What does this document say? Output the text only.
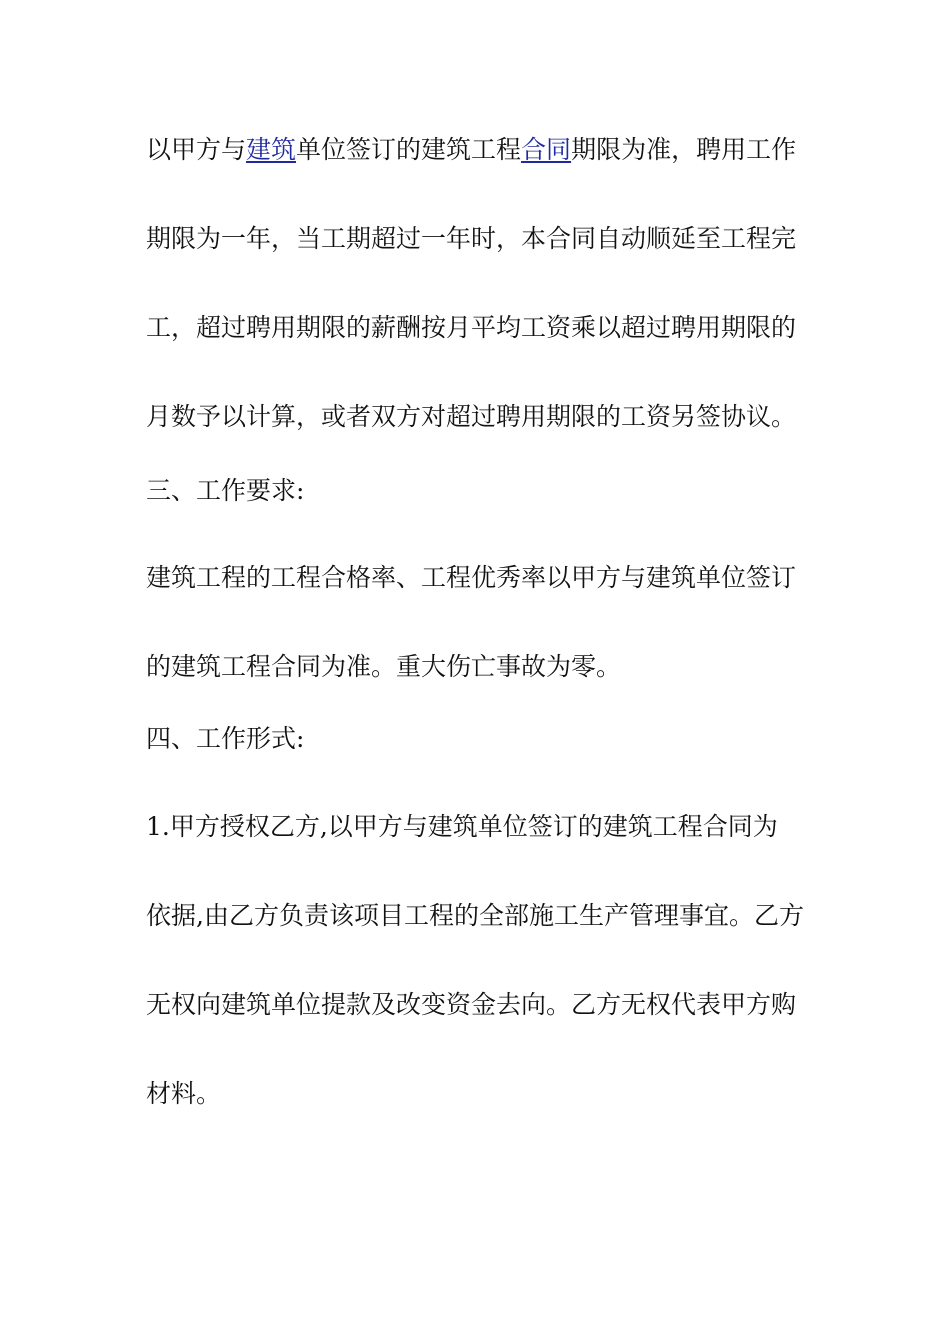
以甲方与建筑单位签订的建筑工程合同期限为准，聘用工作
期限为一年，当工期超过一年时，本合同自动顺延至工程完
工，超过聘用期限的薪酬按月平均工资乘以超过聘用期限的
月数予以计算，或者双方对超过聘用期限的工资另签协议。
三、工作要求:
建筑工程的工程合格率、工程优秀率以甲方与建筑单位签订
的建筑工程合同为准。重大伤亡事故为零。
四、工作形式:
1.甲方授权乙方,以甲方与建筑单位签订的建筑工程合同为
依据,由乙方负责该项目工程的全部施工生产管理事宜。乙方
无权向建筑单位提款及改变资金去向。乙方无权代表甲方购
材料。
